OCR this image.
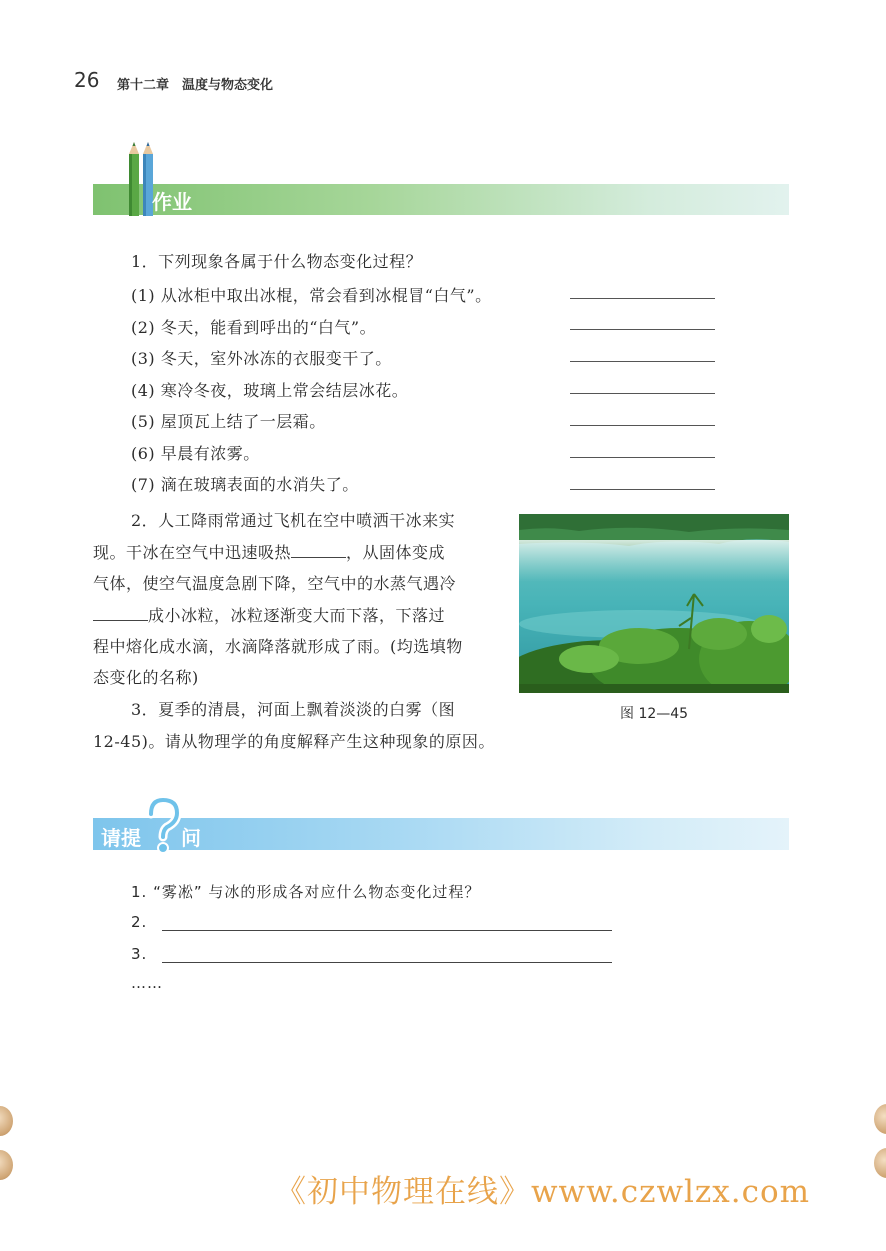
26 第十二章　温度与物态变化
作业
1．下列现象各属于什么物态变化过程？
(1) 从冰柜中取出冰棍，常会看到冰棍冒“白气”。
(2) 冬天，能看到呼出的“白气”。
(3) 冬天，室外冰冻的衣服变干了。
(4) 寒冷冬夜，玻璃上常会结层冰花。
(5) 屋顶瓦上结了一层霜。
(6) 早晨有浓雾。
(7) 滴在玻璃表面的水消失了。
2．人工降雨常通过飞机在空中喷洒干冰来实
现。干冰在空气中迅速吸热	，从固体变成
气体，使空气温度急剧下降，空气中的水蒸气遇冷
成小冰粒，冰粒逐渐变大而下落，下落过
程中熔化成水滴，水滴降落就形成了雨。(均选填物
态变化的名称)
3．夏季的清晨，河面上飘着淡淡的白雾（图
12-45)。请从物理学的角度解释产生这种现象的原因。
图 12—45
请提 问
1. “雾凇” 与冰的形成各对应什么物态变化过程？
2.
3.
……
《初中物理在线》www.czwlzx.com
